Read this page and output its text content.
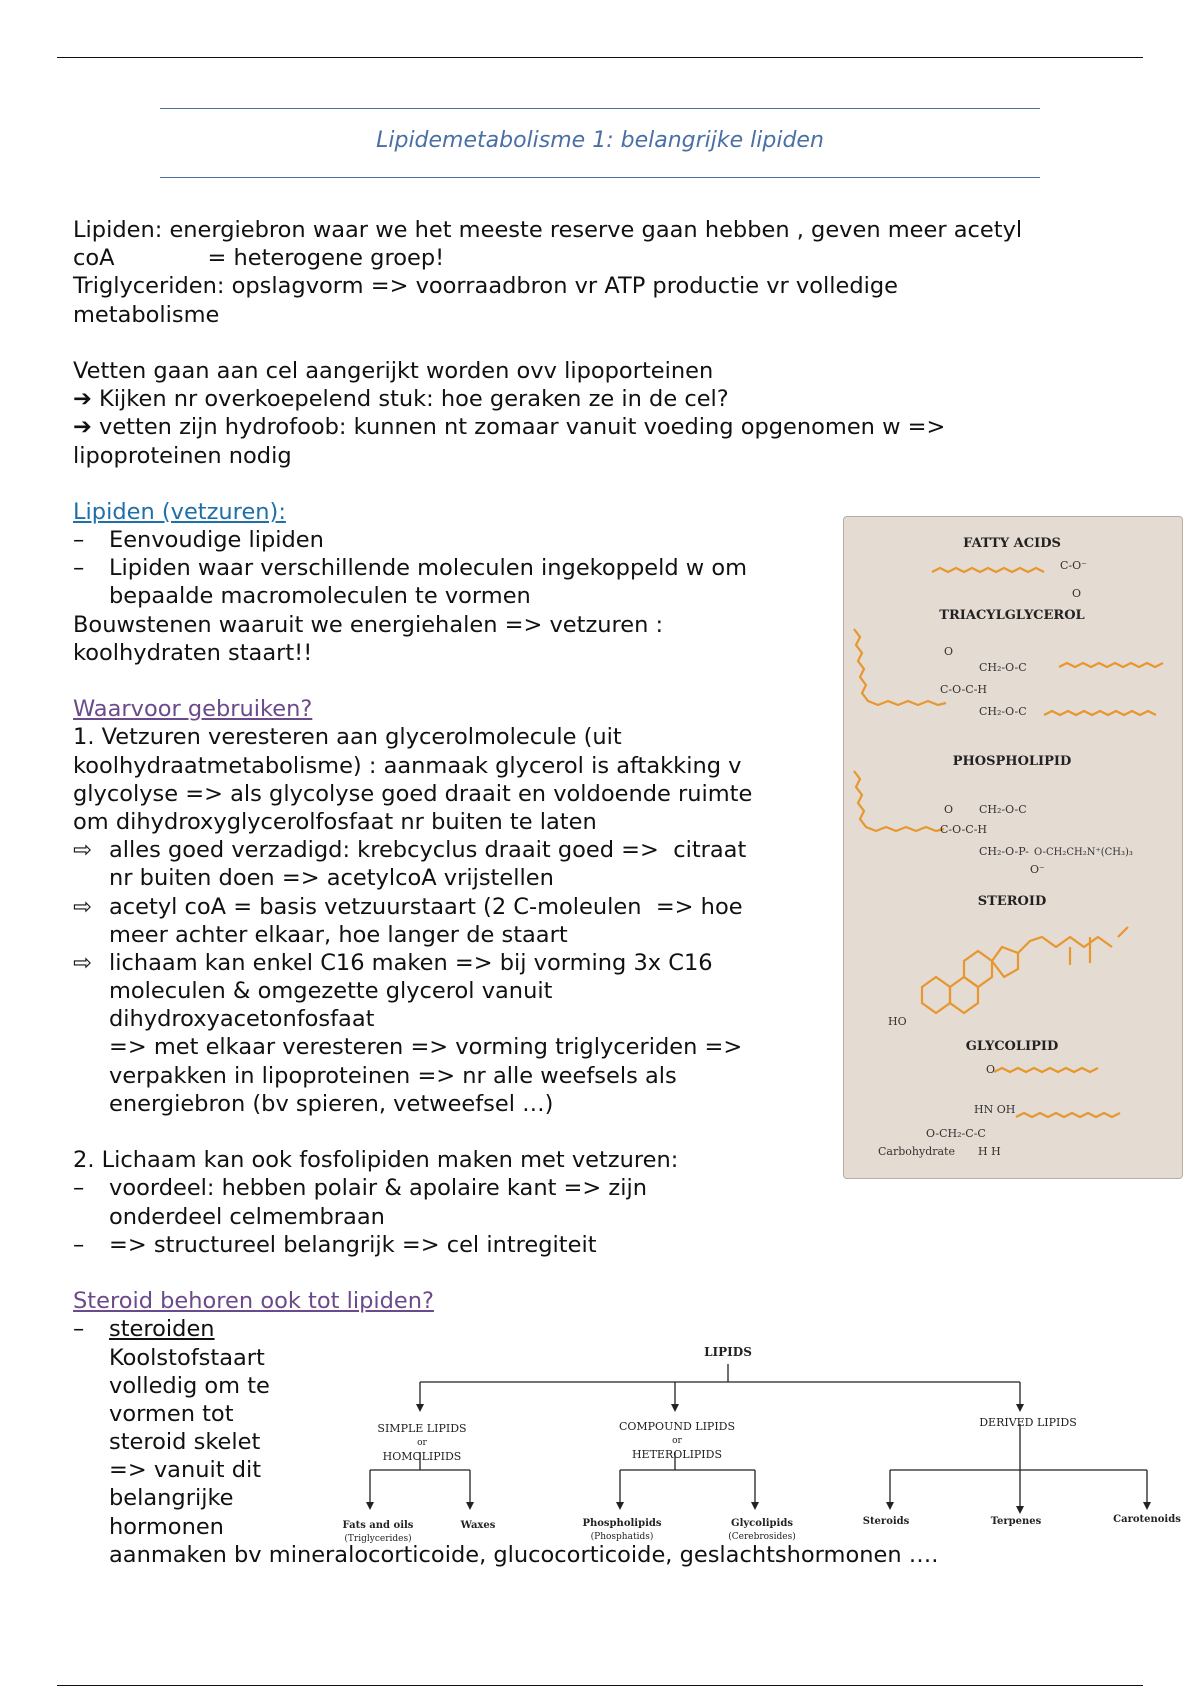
Lipidemetabolisme 1: belangrijke lipiden
Lipiden: energiebron waar we het meeste reserve gaan hebben , geven meer acetyl
coA             = heterogene groep!
Triglyceriden: opslagvorm => voorraadbron vr ATP productie vr volledige
metabolisme
Vetten gaan aan cel aangerijkt worden ovv lipoporteinen
➔ Kijken nr overkoepelend stuk: hoe geraken ze in de cel?
➔ vetten zijn hydrofoob: kunnen nt zomaar vanuit voeding opgenomen w =>
lipoproteinen nodig
Lipiden (vetzuren):
– Eenvoudige lipiden
– Lipiden waar verschillende moleculen ingekoppeld w om
bepaalde macromoleculen te vormen
Bouwstenen waaruit we energiehalen => vetzuren :
koolhydraten staart!!
Waarvoor gebruiken?
1. Vetzuren veresteren aan glycerolmolecule (uit
koolhydraatmetabolisme) : aanmaak glycerol is aftakking v
glycolyse => als glycolyse goed draait en voldoende ruimte
om dihydroxyglycerolfosfaat nr buiten te laten
⇨ alles goed verzadigd: krebcyclus draait goed =>  citraat
nr buiten doen => acetylcoA vrijstellen
⇨ acetyl coA = basis vetzuurstaart (2 C-moleulen  => hoe
meer achter elkaar, hoe langer de staart
⇨ lichaam kan enkel C16 maken => bij vorming 3x C16
moleculen & omgezette glycerol vanuit
dihydroxyacetonfosfaat
=> met elkaar veresteren => vorming triglyceriden =>
verpakken in lipoproteinen => nr alle weefsels als
energiebron (bv spieren, vetweefsel …)
2. Lichaam kan ook fosfolipiden maken met vetzuren:
– voordeel: hebben polair & apolaire kant => zijn
onderdeel celmembraan
– => structureel belangrijk => cel intregiteit
Steroid behoren ook tot lipiden?
– steroiden
Koolstofstaart
volledig om te
vormen tot
steroid skelet
=> vanuit dit
belangrijke
hormonen
aanmaken bv mineralocorticoide, glucocorticoide, geslachtshormonen ….
FATTY ACIDS
TRIACYLGLYCEROL
PHOSPHOLIPID
STEROID
GLYCOLIPID
C-O⁻
O
O
CH₂-O-C
C-O-C-H
CH₂-O-C
O CH₂-O-C
C-O-C-H
CH₂-O-P- O-CH₂CH₂N⁺(CH₃)₃
O⁻
HO
O
HN OH
O-CH₂-C-C
H H
Carbohydrate
LIPIDS
SIMPLE LIPIDS
or
HOMOLIPIDS
COMPOUND LIPIDS
or
HETEROLIPIDS
DERIVED LIPIDS
Fats and oils
(Triglycerides)
Waxes	Phospholipids
(Phosphatids)
Glycolipids
(Cerebrosides)
Steroids	Terpenes	Carotenoids
